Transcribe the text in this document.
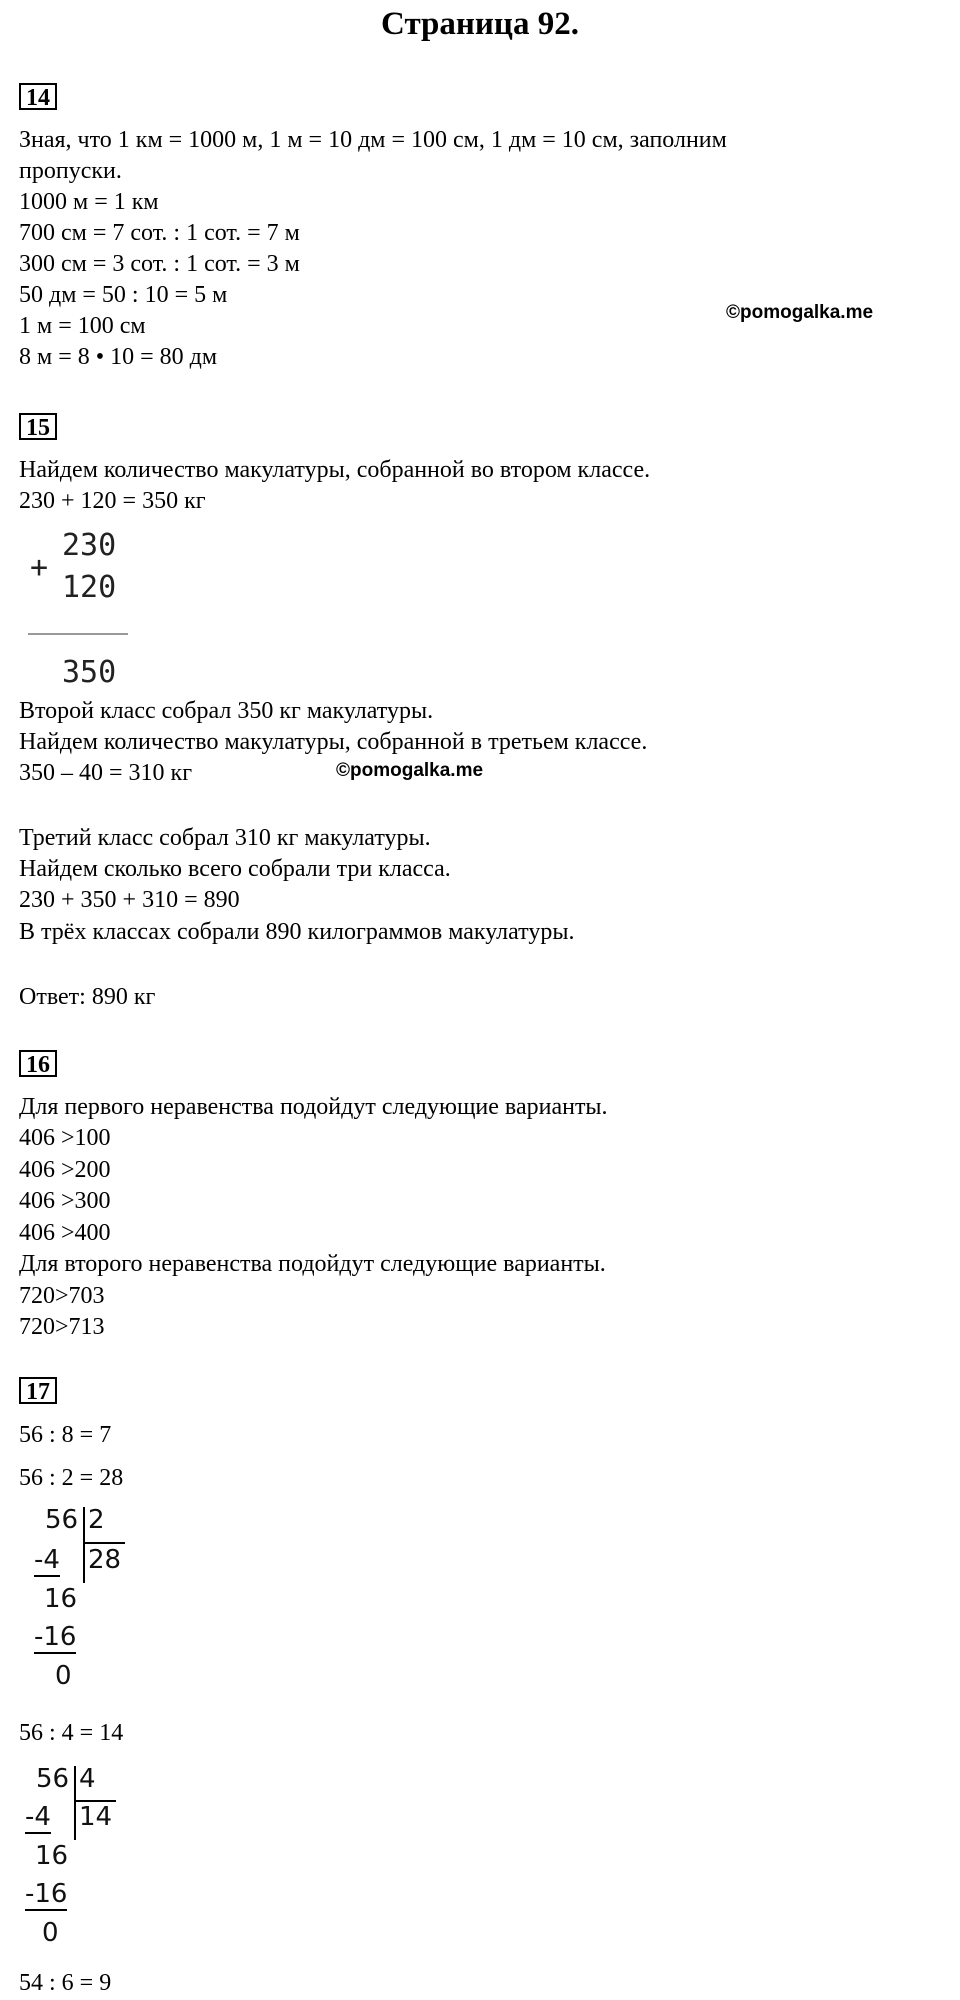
Страница 92.
14
Зная, что 1 км = 1000 м, 1 м = 10 дм = 100 см, 1 дм = 10 см, заполним
пропуски.
1000 м = 1 км
700 см = 7 сот. : 1 сот. = 7 м
300 см = 3 сот. : 1 сот. = 3 м
50 дм = 50 : 10 = 5 м
1 м = 100 см
8 м = 8 • 10 = 80 дм
©pomogalka.me
15
Найдем количество макулатуры, собранной во втором классе.
230 + 120 = 350 кг
+
230
120
350
Второй класс собрал 350 кг макулатуры.
Найдем количество макулатуры, собранной в третьем классе.
350 – 40 = 310 кг	©pomogalka.me
Третий класс собрал 310 кг макулатуры.
Найдем сколько всего собрали три класса.
230 + 350 + 310 = 890
В трёх классах собрали 890 килограммов макулатуры.
Ответ: 890 кг
16
Для первого неравенства подойдут следующие варианты.
406 >100
406 >200
406 >300
406 >400
Для второго неравенства подойдут следующие варианты.
720>703
720>713
17
56 : 8 = 7
56 : 2 = 28
56 2
28
-4
16
-16
0
56 : 4 = 14
56 4
14
-4
16
-16
0
54 : 6 = 9
